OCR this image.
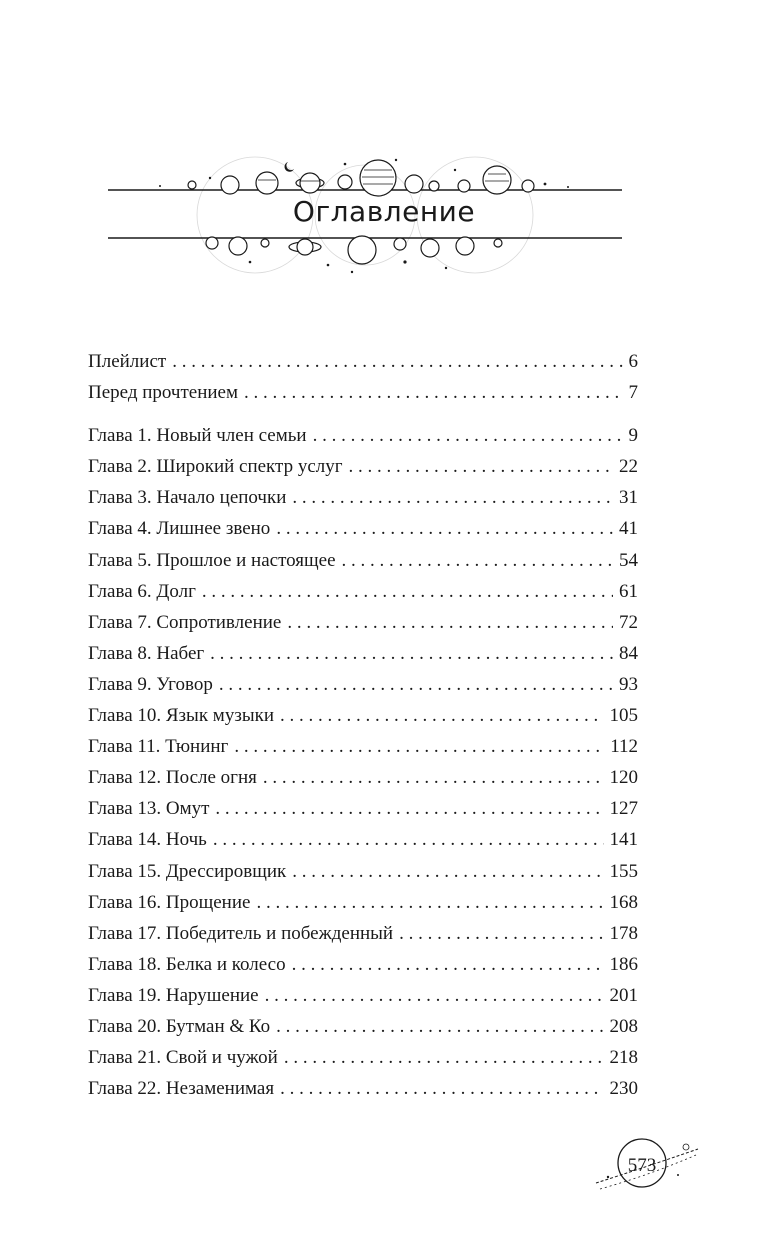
Оглавление
Плейлист . . .	6
Перед прочтением . . .	7
Глава 1. Новый член семьи . . .	9
Глава 2. Широкий спектр услуг . . .	22
Глава 3. Начало цепочки . . .	31
Глава 4. Лишнее звено . . .	41
Глава 5. Прошлое и настоящее . . .	54
Глава 6. Долг . . .	61
Глава 7. Сопротивление . . .	72
Глава 8. Набег . . .	84
Глава 9. Уговор . . .	93
Глава 10. Язык музыки . . .	105
Глава 11. Тюнинг . . .	112
Глава 12. После огня . . .	120
Глава 13. Омут . . .	127
Глава 14. Ночь . . .	141
Глава 15. Дрессировщик . . .	155
Глава 16. Прощение . . .	168
Глава 17. Победитель и побежденный . . .	178
Глава 18. Белка и колесо . . .	186
Глава 19. Нарушение . . .	201
Глава 20. Бутман & Ко . . .	208
Глава 21. Свой и чужой . . .	218
Глава 22. Незаменимая . . .	230
573
